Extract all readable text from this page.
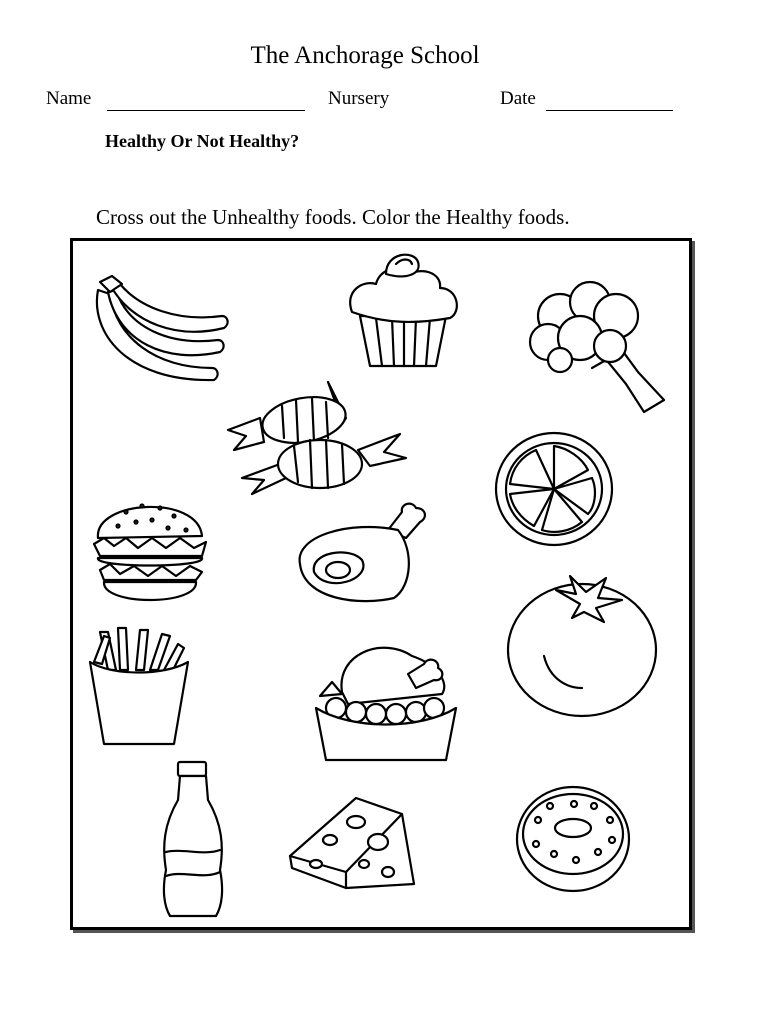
The Anchorage School
Name	Nursery	Date
Healthy Or Not Healthy?
Cross out the Unhealthy foods. Color the Healthy foods.
